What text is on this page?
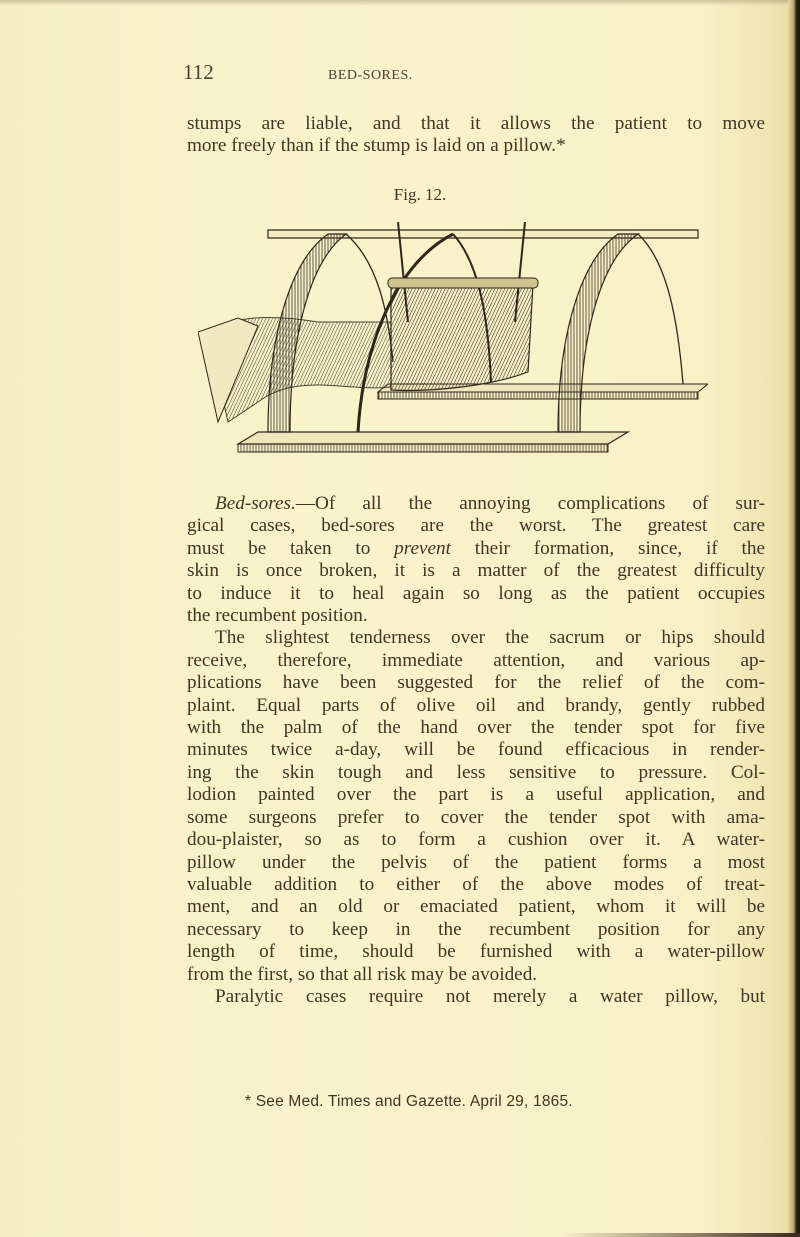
112	BED-SORES.
stumps are liable, and that it allows the patient to move
more freely than if the stump is laid on a pillow.*
Fig. 12.
Bed-sores.—Of all the annoying complications of sur-
gical cases, bed-sores are the worst. The greatest care
must be taken to prevent their formation, since, if the
skin is once broken, it is a matter of the greatest difficulty
to induce it to heal again so long as the patient occupies
the recumbent position.
The slightest tenderness over the sacrum or hips should
receive, therefore, immediate attention, and various ap-
plications have been suggested for the relief of the com-
plaint. Equal parts of olive oil and brandy, gently rubbed
with the palm of the hand over the tender spot for five
minutes twice a-day, will be found efficacious in render-
ing the skin tough and less sensitive to pressure. Col-
lodion painted over the part is a useful application, and
some surgeons prefer to cover the tender spot with ama-
dou-plaister, so as to form a cushion over it. A water-
pillow under the pelvis of the patient forms a most
valuable addition to either of the above modes of treat-
ment, and an old or emaciated patient, whom it will be
necessary to keep in the recumbent position for any
length of time, should be furnished with a water-pillow
from the first, so that all risk may be avoided.
Paralytic cases require not merely a water pillow, but
* See Med. Times and Gazette. April 29, 1865.
